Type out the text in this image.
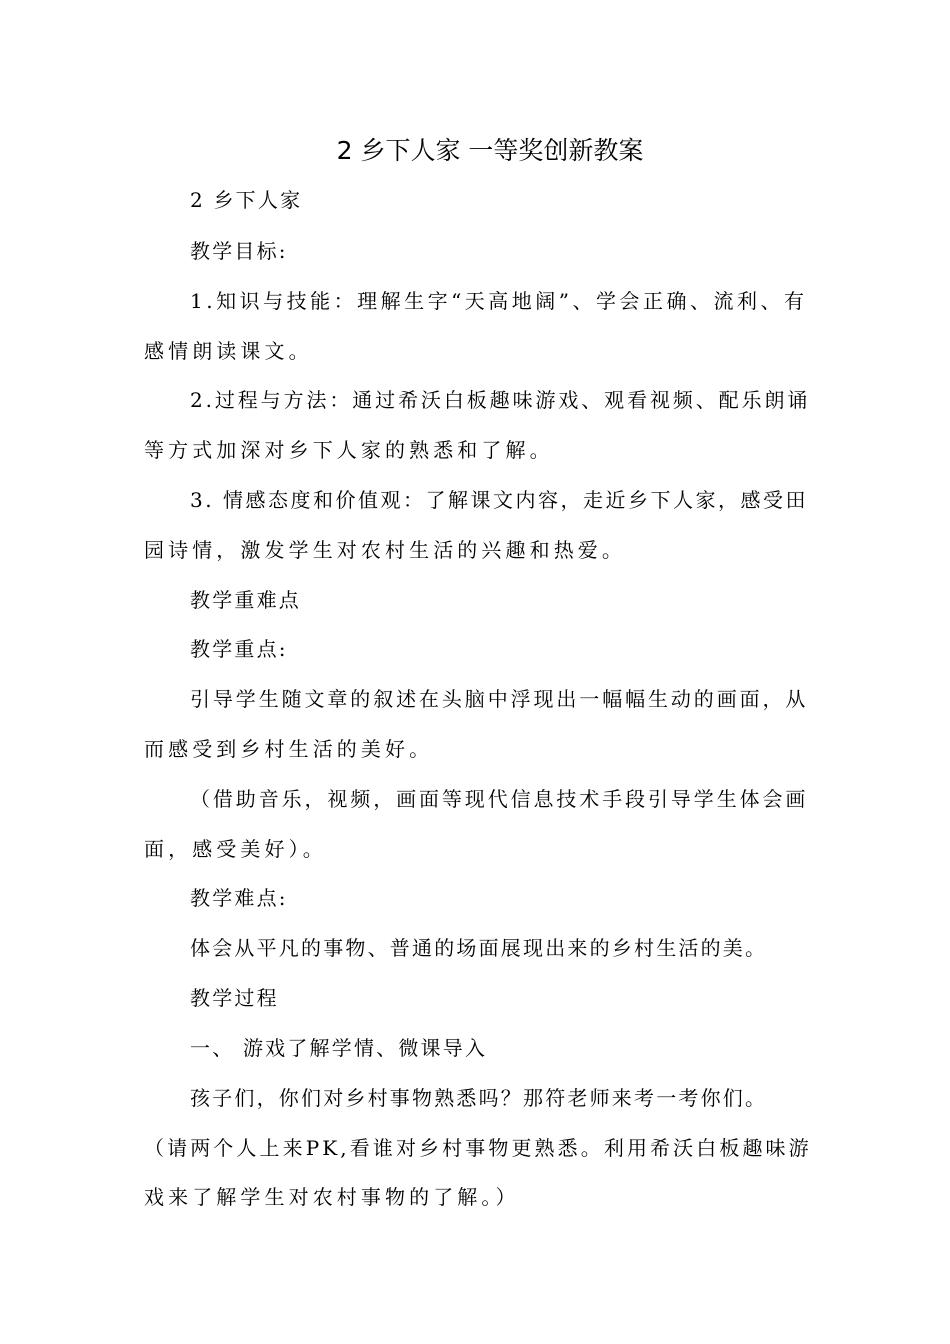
2 乡下人家 一等奖创新教案
2 乡下人家
教学目标:
1.知识与技能：理解生字“天高地阔”、学会正确、流利、有
感情朗读课文。
2.过程与方法：通过希沃白板趣味游戏、观看视频、配乐朗诵
等方式加深对乡下人家的熟悉和了解。
3. 情感态度和价值观：了解课文内容，走近乡下人家，感受田
园诗情，激发学生对农村生活的兴趣和热爱。
教学重难点
教学重点:
引导学生随文章的叙述在头脑中浮现出一幅幅生动的画面，从
而感受到乡村生活的美好。
（借助音乐，视频，画面等现代信息技术手段引导学生体会画
面，感受美好）。
教学难点:
体会从平凡的事物、普通的场面展现出来的乡村生活的美。
教学过程
一、 游戏了解学情、微课导入
孩子们，你们对乡村事物熟悉吗？那符老师来考一考你们。
（请两个人上来PK,看谁对乡村事物更熟悉。利用希沃白板趣味游
戏来了解学生对农村事物的了解。）
